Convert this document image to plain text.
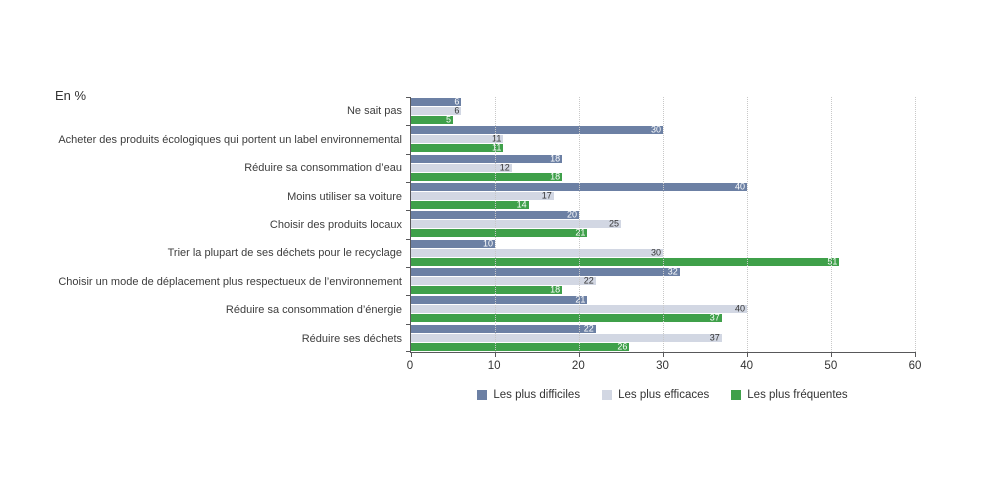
En %
Ne sait pas
Acheter des produits écologiques qui portent un label environnemental
Réduire sa consommation d’eau
Moins utiliser sa voiture
Choisir des produits locaux
Trier la plupart de ses déchets pour le recyclage
Choisir un mode de déplacement plus respectueux de l’environnement
Réduire sa consommation d’énergie
Réduire ses déchets
6
6
5
30
11
11
18
12
18
40
17
14
20
25
21
10
30
51
32
22
18
21
40
37
22
37
26
0	10	20	30	40	50	60
Les plus difficiles	Les plus efficaces	Les plus fréquentes
